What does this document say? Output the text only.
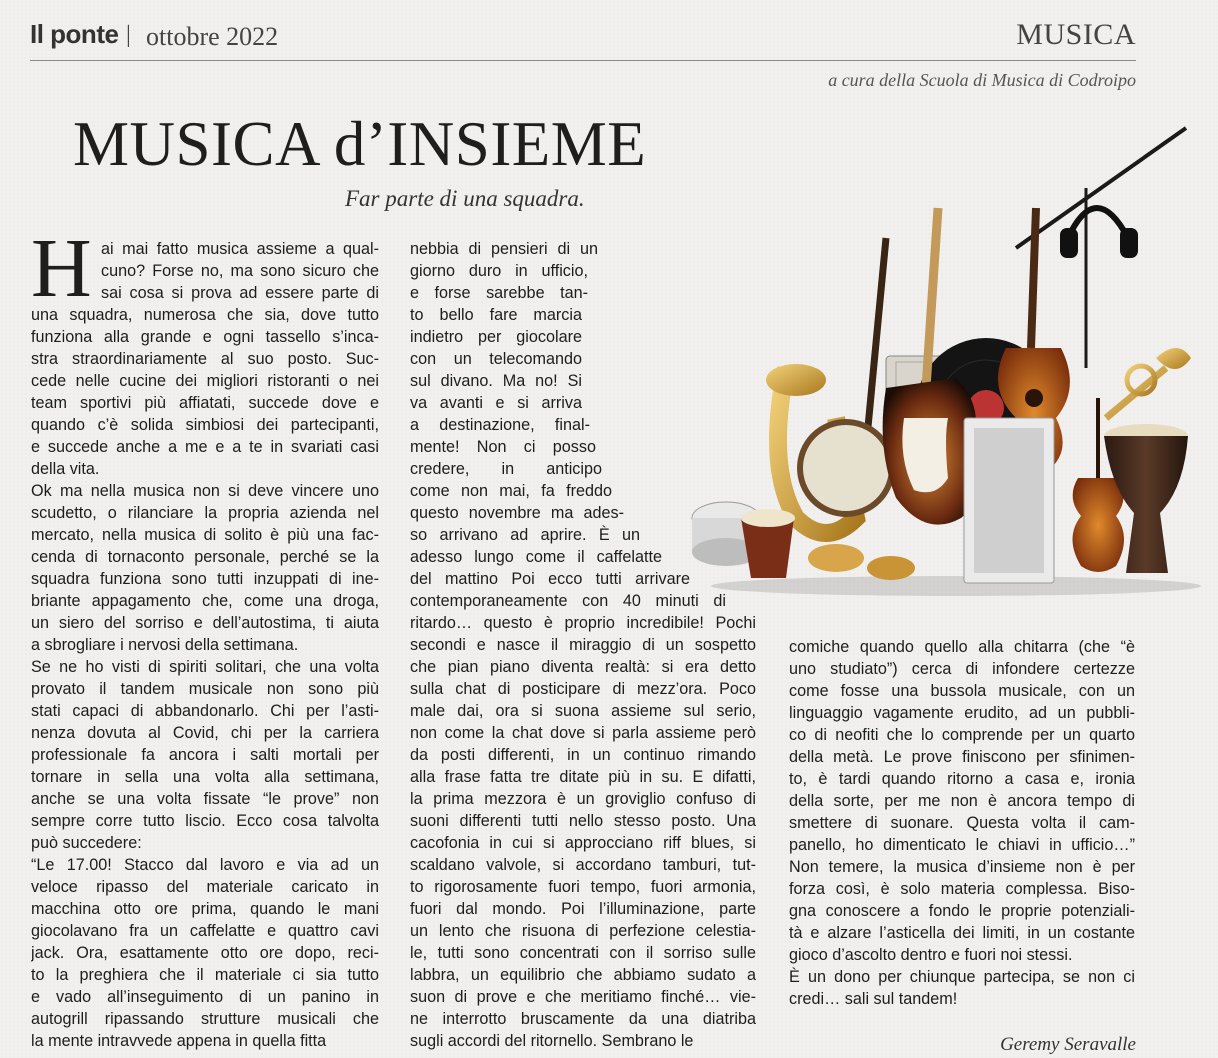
Il ponte | ottobre 2022	MUSICA
a cura della Scuola di Musica di Codroipo
MUSICA d’INSIEME
Far parte di una squadra.
H ai mai fatto musica assieme a qual-
cuno? Forse no, ma sono sicuro che
sai cosa si prova ad essere parte di
una squadra, numerosa che sia, dove tutto
funziona alla grande e ogni tassello s’inca-
stra straordinariamente al suo posto. Suc-
cede nelle cucine dei migliori ristoranti o nei
team sportivi più affiatati, succede dove e
quando c’è solida simbiosi dei partecipanti,
e succede anche a me e a te in svariati casi
della vita.
Ok ma nella musica non si deve vincere uno
scudetto, o rilanciare la propria azienda nel
mercato, nella musica di solito è più una fac-
cenda di tornaconto personale, perché se la
squadra funziona sono tutti inzuppati di ine-
briante appagamento che, come una droga,
un siero del sorriso e dell’autostima, ti aiuta
a sbrogliare i nervosi della settimana.
Se ne ho visti di spiriti solitari, che una volta
provato il tandem musicale non sono più
stati capaci di abbandonarlo. Chi per l’asti-
nenza dovuta al Covid, chi per la carriera
professionale fa ancora i salti mortali per
tornare in sella una volta alla settimana,
anche se una volta fissate “le prove” non
sempre corre tutto liscio. Ecco cosa talvolta
può succedere:
“Le 17.00! Stacco dal lavoro e via ad un
veloce ripasso del materiale caricato in
macchina otto ore prima, quando le mani
giocolavano fra un caffelatte e quattro cavi
jack. Ora, esattamente otto ore dopo, reci-
to la preghiera che il materiale ci sia tutto
e vado all’inseguimento di un panino in
autogrill ripassando strutture musicali che
la mente intravvede appena in quella fitta
nebbia di pensieri di un
giorno duro in ufficio,
e forse sarebbe tan-
to bello fare marcia
indietro per giocolare
con un telecomando
sul divano. Ma no! Si
va avanti e si arriva
a destinazione, final-
mente! Non ci posso
credere, in anticipo
come non mai, fa freddo
questo novembre ma ades-
so arrivano ad aprire. È un
adesso lungo come il caffelatte
del mattino Poi ecco tutti arrivare
contemporaneamente con 40 minuti di
ritardo… questo è proprio incredibile! Pochi
secondi e nasce il miraggio di un sospetto
che pian piano diventa realtà: si era detto
sulla chat di posticipare di mezz’ora. Poco
male dai, ora si suona assieme sul serio,
non come la chat dove si parla assieme però
da posti differenti, in un continuo rimando
alla frase fatta tre ditate più in su. E difatti,
la prima mezzora è un groviglio confuso di
suoni differenti tutti nello stesso posto. Una
cacofonia in cui si approcciano riff blues, si
scaldano valvole, si accordano tamburi, tut-
to rigorosamente fuori tempo, fuori armonia,
fuori dal mondo. Poi l’illuminazione, parte
un lento che risuona di perfezione celestia-
le, tutti sono concentrati con il sorriso sulle
labbra, un equilibrio che abbiamo sudato a
suon di prove e che meritiamo finché… vie-
ne interrotto bruscamente da una diatriba
sugli accordi del ritornello. Sembrano le
comiche quando quello alla chitarra (che “è
uno studiato”) cerca di infondere certezze
come fosse una bussola musicale, con un
linguaggio vagamente erudito, ad un pubbli-
co di neofiti che lo comprende per un quarto
della metà. Le prove finiscono per sfinimen-
to, è tardi quando ritorno a casa e, ironia
della sorte, per me non è ancora tempo di
smettere di suonare. Questa volta il cam-
panello, ho dimenticato le chiavi in ufficio…”
Non temere, la musica d’insieme non è per
forza così, è solo materia complessa. Biso-
gna conoscere a fondo le proprie potenziali-
tà e alzare l’asticella dei limiti, in un costante
gioco d’ascolto dentro e fuori noi stessi.
È un dono per chiunque partecipa, se non ci
credi… sali sul tandem!
Geremy Seravalle
